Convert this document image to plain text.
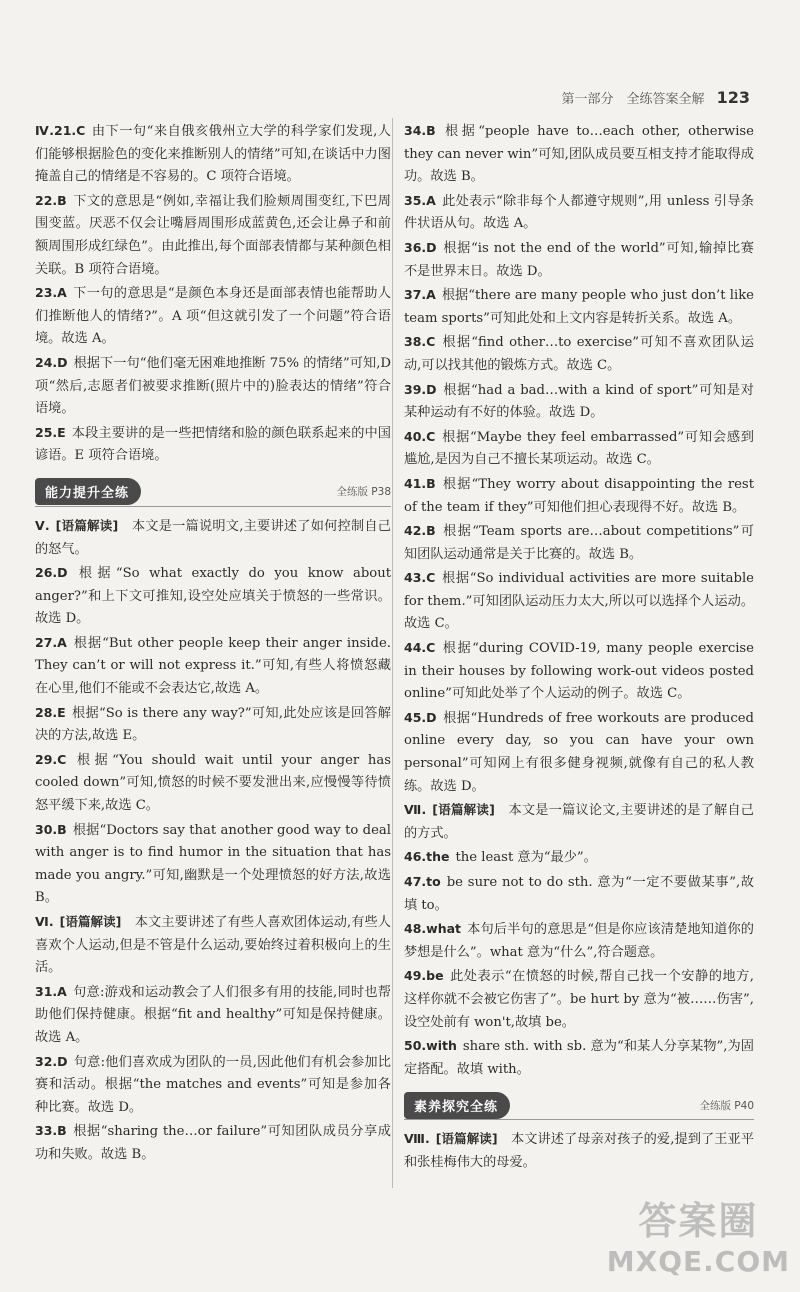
第一部分　全练答案全解 123
Ⅳ.21.C 由下一句“来自俄亥俄州立大学的科学家们发现,人们能够根据脸色的变化来推断别人的情绪”可知,在谈话中力图掩盖自己的情绪是不容易的。C 项符合语境。
22.B 下文的意思是“例如,幸福让我们脸颊周围变红,下巴周围变蓝。厌恶不仅会让嘴唇周围形成蓝黄色,还会让鼻子和前额周围形成红绿色”。由此推出,每个面部表情都与某种颜色相关联。B 项符合语境。
23.A 下一句的意思是“是颜色本身还是面部表情也能帮助人们推断他人的情绪?”。A 项“但这就引发了一个问题”符合语境。故选 A。
24.D 根据下一句“他们毫无困难地推断 75% 的情绪”可知,D 项“然后,志愿者们被要求推断(照片中的)脸表达的情绪”符合语境。
25.E 本段主要讲的是一些把情绪和脸的颜色联系起来的中国谚语。E 项符合语境。
能力提升全练	全练版 P38
Ⅴ. [语篇解读]　 本文是一篇说明文,主要讲述了如何控制自己的怒气。
26.D 根据“So what exactly do you know about anger?”和上下文可推知,设空处应填关于愤怒的一些常识。故选 D。
27.A 根据“But other people keep their anger inside. They can’t or will not express it.”可知,有些人将愤怒藏在心里,他们不能或不会表达它,故选 A。
28.E 根据“So is there any way?”可知,此处应该是回答解决的方法,故选 E。
29.C 根据“You should wait until your anger has cooled down”可知,愤怒的时候不要发泄出来,应慢慢等待愤怒平缓下来,故选 C。
30.B 根据“Doctors say that another good way to deal with anger is to find humor in the situation that has made you angry.”可知,幽默是一个处理愤怒的好方法,故选 B。
Ⅵ. [语篇解读]　 本文主要讲述了有些人喜欢团体运动,有些人喜欢个人运动,但是不管是什么运动,要始终过着积极向上的生活。
31.A 句意:游戏和运动教会了人们很多有用的技能,同时也帮助他们保持健康。根据“fit and healthy”可知是保持健康。故选 A。
32.D 句意:他们喜欢成为团队的一员,因此他们有机会参加比赛和活动。根据“the matches and events”可知是参加各种比赛。故选 D。
33.B 根据“sharing the…or failure”可知团队成员分享成功和失败。故选 B。
34.B 根据“people have to…each other, otherwise they can never win”可知,团队成员要互相支持才能取得成功。故选 B。
35.A 此处表示“除非每个人都遵守规则”,用 unless 引导条件状语从句。故选 A。
36.D 根据“is not the end of the world”可知,输掉比赛不是世界末日。故选 D。
37.A 根据“there are many people who just don’t like team sports”可知此处和上文内容是转折关系。故选 A。
38.C 根据“find other…to exercise”可知不喜欢团队运动,可以找其他的锻炼方式。故选 C。
39.D 根据“had a bad…with a kind of sport”可知是对某种运动有不好的体验。故选 D。
40.C 根据“Maybe they feel embarrassed”可知会感到尴尬,是因为自己不擅长某项运动。故选 C。
41.B 根据“They worry about disappointing the rest of the team if they”可知他们担心表现得不好。故选 B。
42.B 根据“Team sports are…about competitions”可知团队运动通常是关于比赛的。故选 B。
43.C 根据“So individual activities are more suitable for them.”可知团队运动压力太大,所以可以选择个人运动。故选 C。
44.C 根据“during COVID-19, many people exercise in their houses by following work-out videos posted online”可知此处举了个人运动的例子。故选 C。
45.D 根据“Hundreds of free workouts are produced online every day, so you can have your own personal”可知网上有很多健身视频,就像有自己的私人教练。故选 D。
Ⅶ. [语篇解读]　 本文是一篇议论文,主要讲述的是了解自己的方式。
46.the the least 意为“最少”。
47.to be sure not to do sth. 意为“一定不要做某事”,故填 to。
48.what 本句后半句的意思是“但是你应该清楚地知道你的梦想是什么”。what 意为“什么”,符合题意。
49.be 此处表示“在愤怒的时候,帮自己找一个安静的地方,这样你就不会被它伤害了”。be hurt by 意为“被……伤害”,设空处前有 won't,故填 be。
50.with share sth. with sb. 意为“和某人分享某物”,为固定搭配。故填 with。
素养探究全练	全练版 P40
Ⅷ. [语篇解读]　 本文讲述了母亲对孩子的爱,提到了王亚平和张桂梅伟大的母爱。
答案圈
MXQE.COM
